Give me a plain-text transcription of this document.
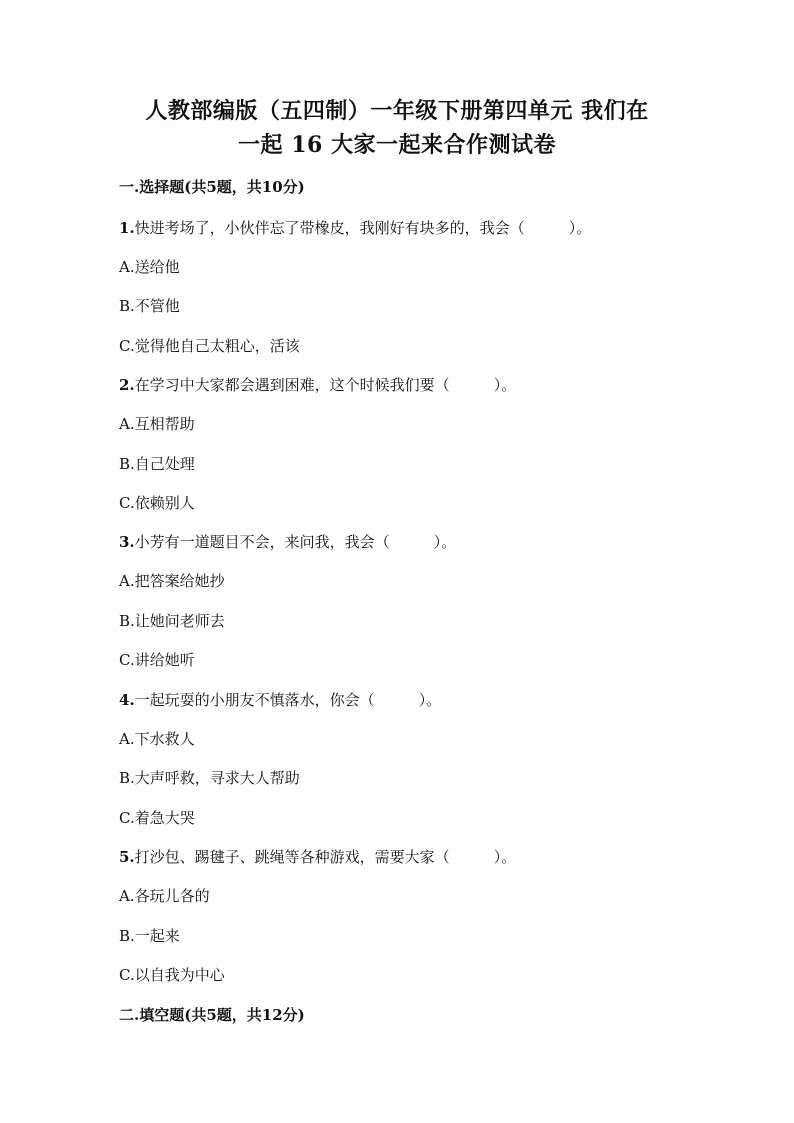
人教部编版（五四制）一年级下册第四单元 我们在
一起 16 大家一起来合作测试卷
一.选择题(共5题，共10分)
1.快进考场了，小伙伴忘了带橡皮，我刚好有块多的，我会（	）。
A.送给他
B.不管他
C.觉得他自己太粗心，活该
2.在学习中大家都会遇到困难，这个时候我们要（	）。
A.互相帮助
B.自己处理
C.依赖别人
3.小芳有一道题目不会，来问我，我会（	）。
A.把答案给她抄
B.让她问老师去
C.讲给她听
4.一起玩耍的小朋友不慎落水，你会（	）。
A.下水救人
B.大声呼救，寻求大人帮助
C.着急大哭
5.打沙包、踢毽子、跳绳等各种游戏，需要大家（	）。
A.各玩儿各的
B.一起来
C.以自我为中心
二.填空题(共5题，共12分)
